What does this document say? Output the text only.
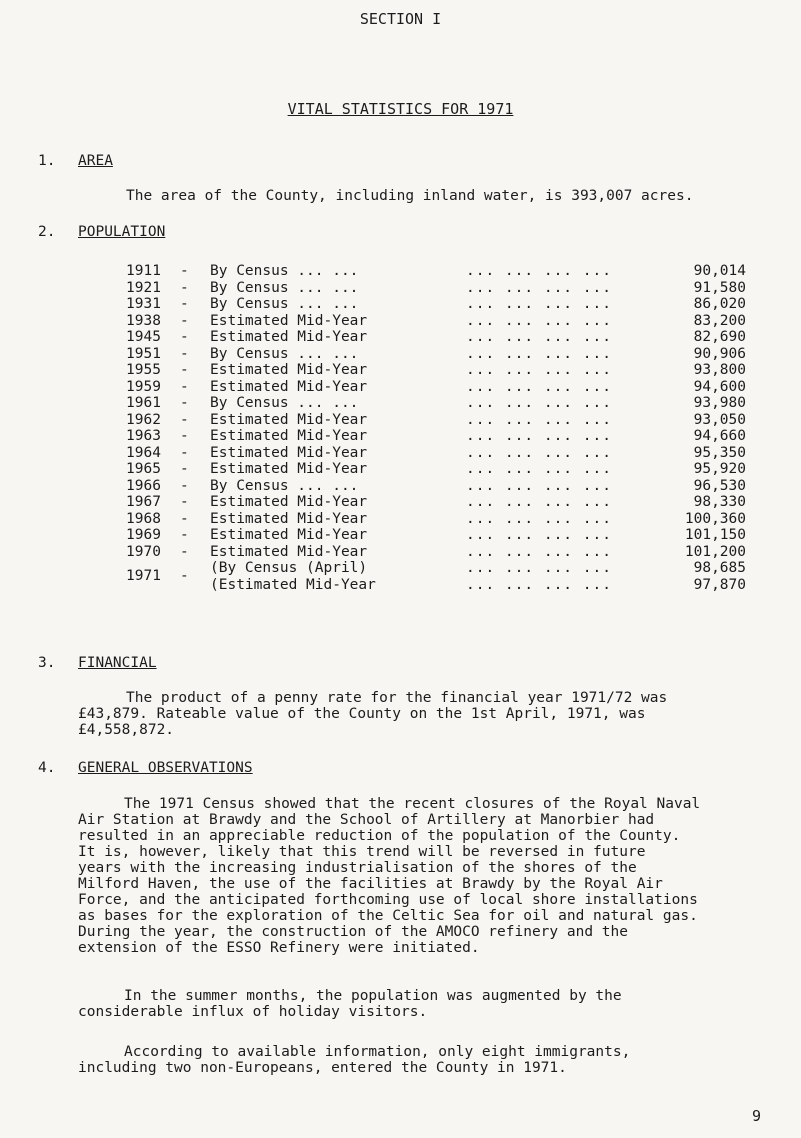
SECTION I
VITAL STATISTICS FOR 1971
1. AREA
The area of the County, including inland water, is 393,007 acres.
2. POPULATION
1911 - By Census ... ...	... ... ... ...	90,014
1921 - By Census ... ...	... ... ... ...	91,580
1931 - By Census ... ...	... ... ... ...	86,020
1938 - Estimated Mid-Year	... ... ... ...	83,200
1945 - Estimated Mid-Year	... ... ... ...	82,690
1951 - By Census ... ...	... ... ... ...	90,906
1955 - Estimated Mid-Year	... ... ... ...	93,800
1959 - Estimated Mid-Year	... ... ... ...	94,600
1961 - By Census ... ...	... ... ... ...	93,980
1962 - Estimated Mid-Year	... ... ... ...	93,050
1963 - Estimated Mid-Year	... ... ... ...	94,660
1964 - Estimated Mid-Year	... ... ... ...	95,350
1965 - Estimated Mid-Year	... ... ... ...	95,920
1966 - By Census ... ...	... ... ... ...	96,530
1967 - Estimated Mid-Year	... ... ... ...	98,330
1968 - Estimated Mid-Year	... ... ... ...	100,360
1969 - Estimated Mid-Year	... ... ... ...	101,150
1970 - Estimated Mid-Year	... ... ... ...	101,200
1971 - (By Census (April)	... ... ... ...	98,685
(Estimated Mid-Year	... ... ... ...	97,870
3. FINANCIAL
The product of a penny rate for the financial year 1971/72 was
£43,879. Rateable value of the County on the 1st April, 1971, was
£4,558,872.
4. GENERAL OBSERVATIONS
The 1971 Census showed that the recent closures of the Royal Naval
Air Station at Brawdy and the School of Artillery at Manorbier had
resulted in an appreciable reduction of the population of the County.
It is, however, likely that this trend will be reversed in future
years with the increasing industrialisation of the shores of the
Milford Haven, the use of the facilities at Brawdy by the Royal Air
Force, and the anticipated forthcoming use of local shore installations
as bases for the exploration of the Celtic Sea for oil and natural gas.
During the year, the construction of the AMOCO refinery and the
extension of the ESSO Refinery were initiated.
In the summer months, the population was augmented by the
considerable influx of holiday visitors.
According to available information, only eight immigrants,
including two non-Europeans, entered the County in 1971.
9
